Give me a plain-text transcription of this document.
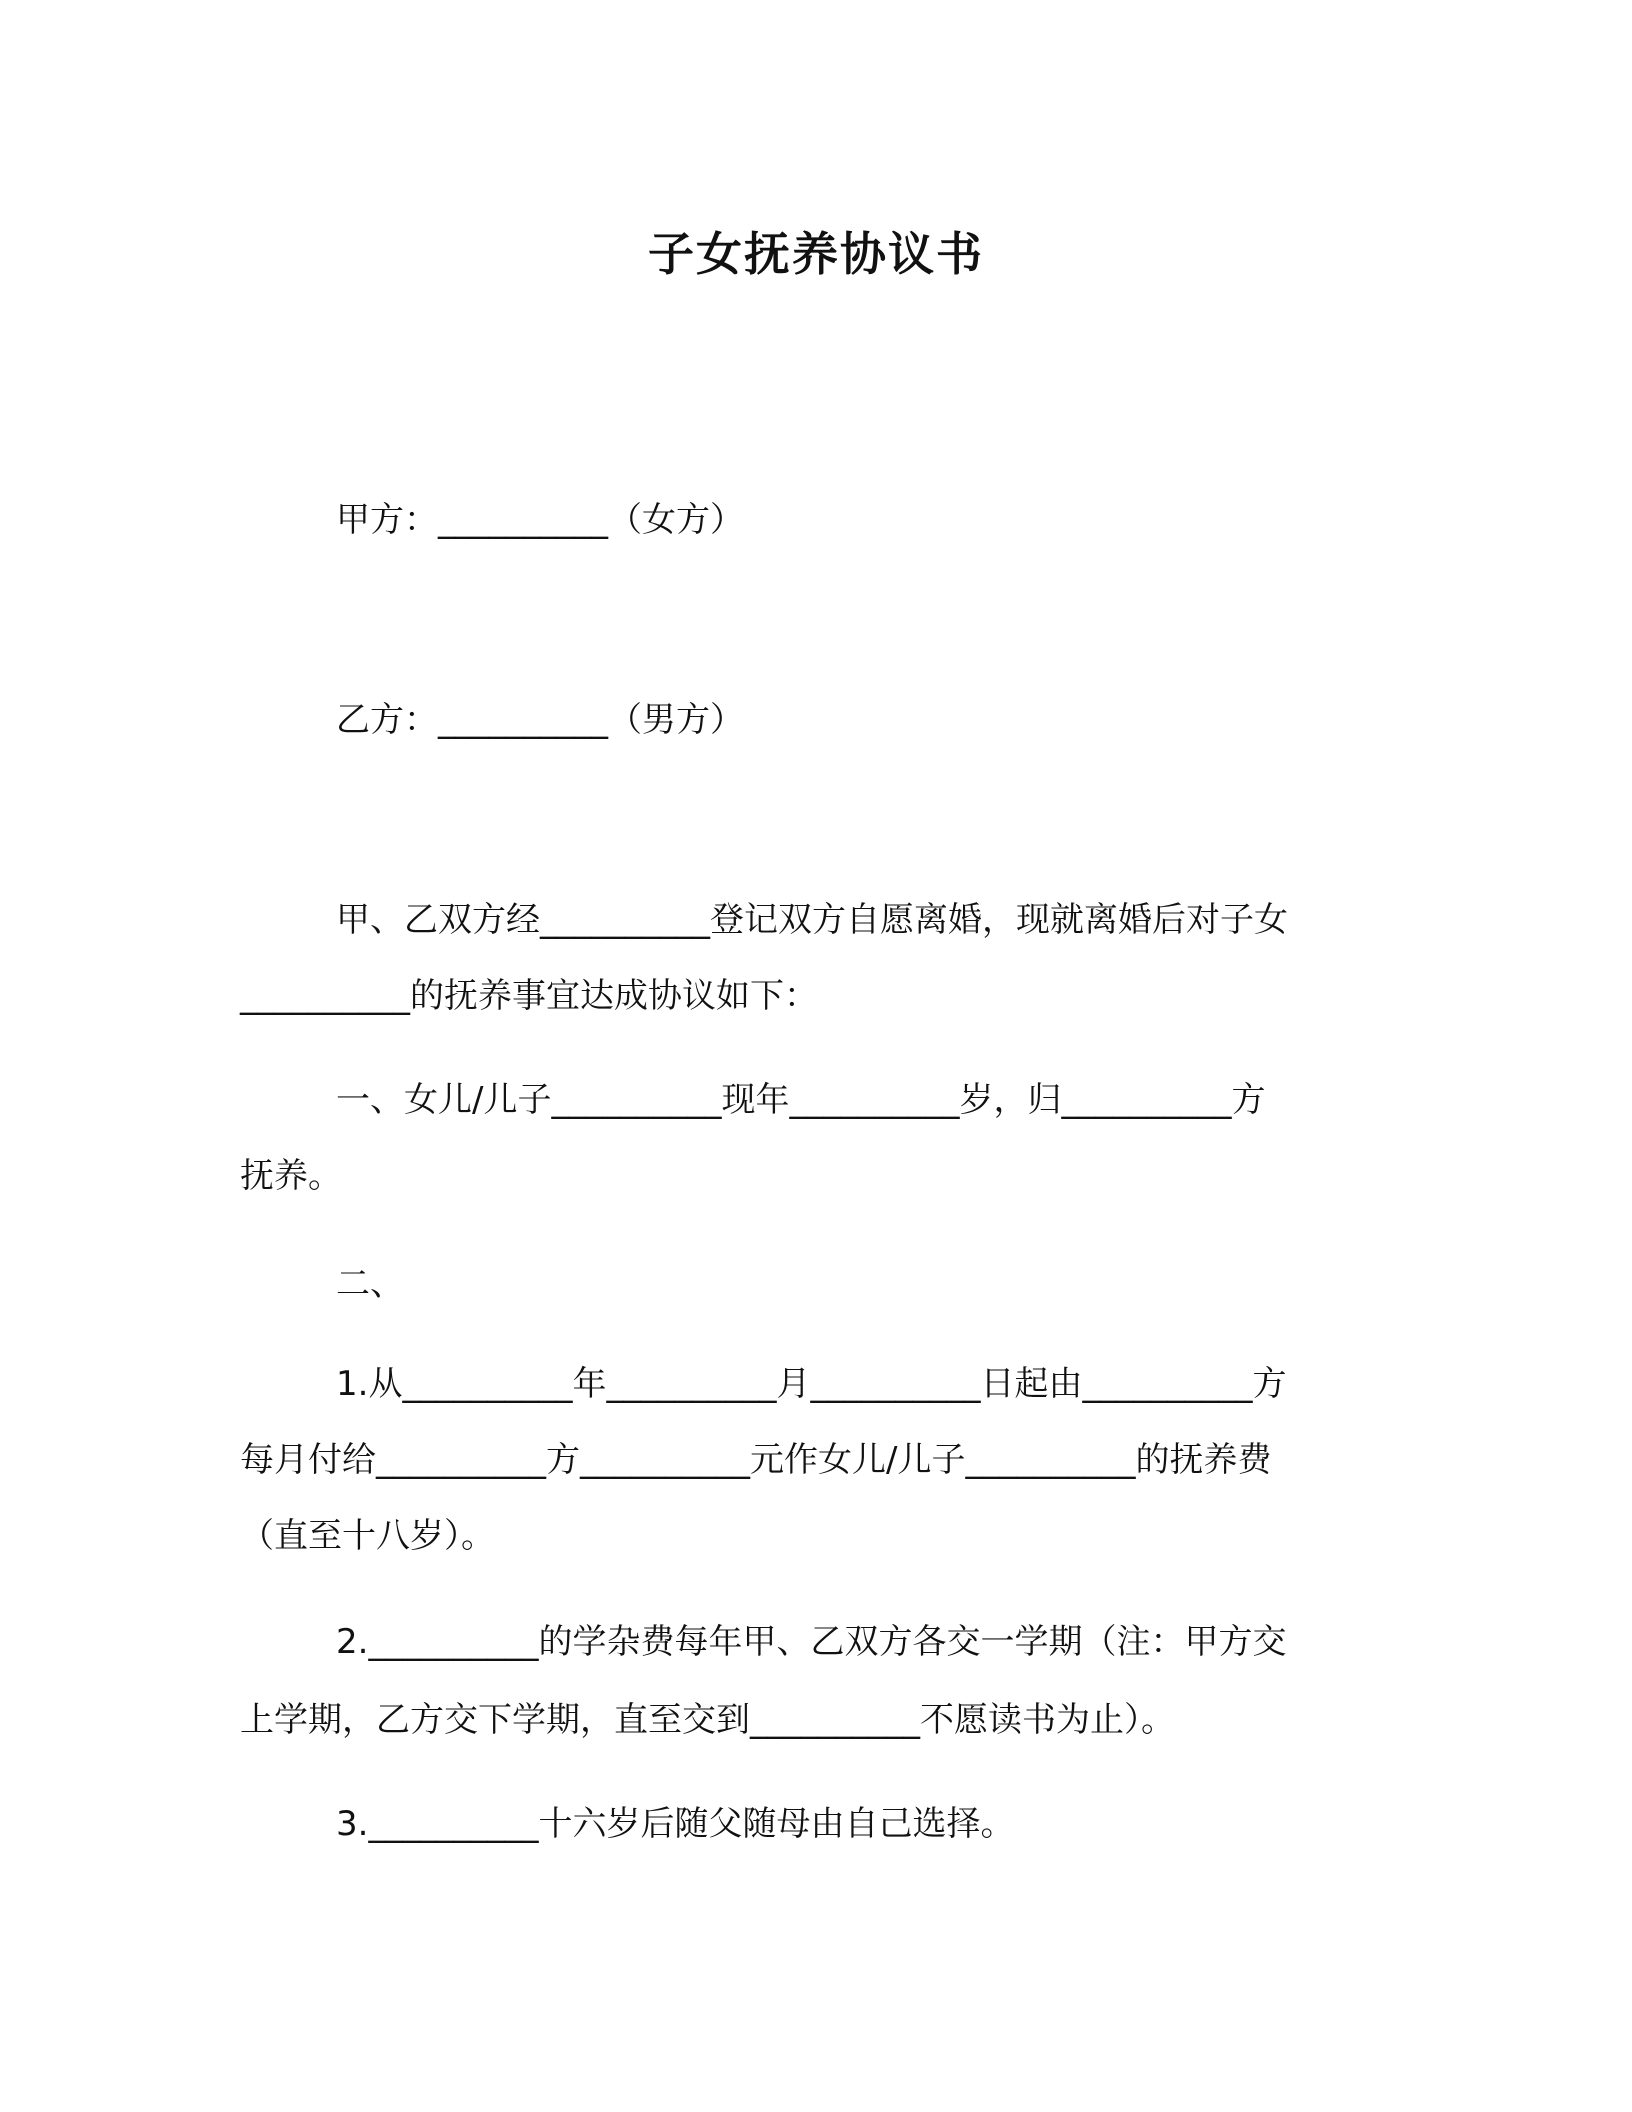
子女抚养协议书
甲方：__________（女方）
乙方：__________（男方）
甲、乙双方经__________登记双方自愿离婚，现就离婚后对子女
__________的抚养事宜达成协议如下：
一、女儿/儿子__________现年__________岁，归__________方
抚养。
二、
1.从__________年__________月__________日起由__________方
每月付给__________方__________元作女儿/儿子__________的抚养费
（直至十八岁）。
2.__________的学杂费每年甲、乙双方各交一学期（注：甲方交
上学期，乙方交下学期，直至交到__________不愿读书为止）。
3.__________十六岁后随父随母由自己选择。
